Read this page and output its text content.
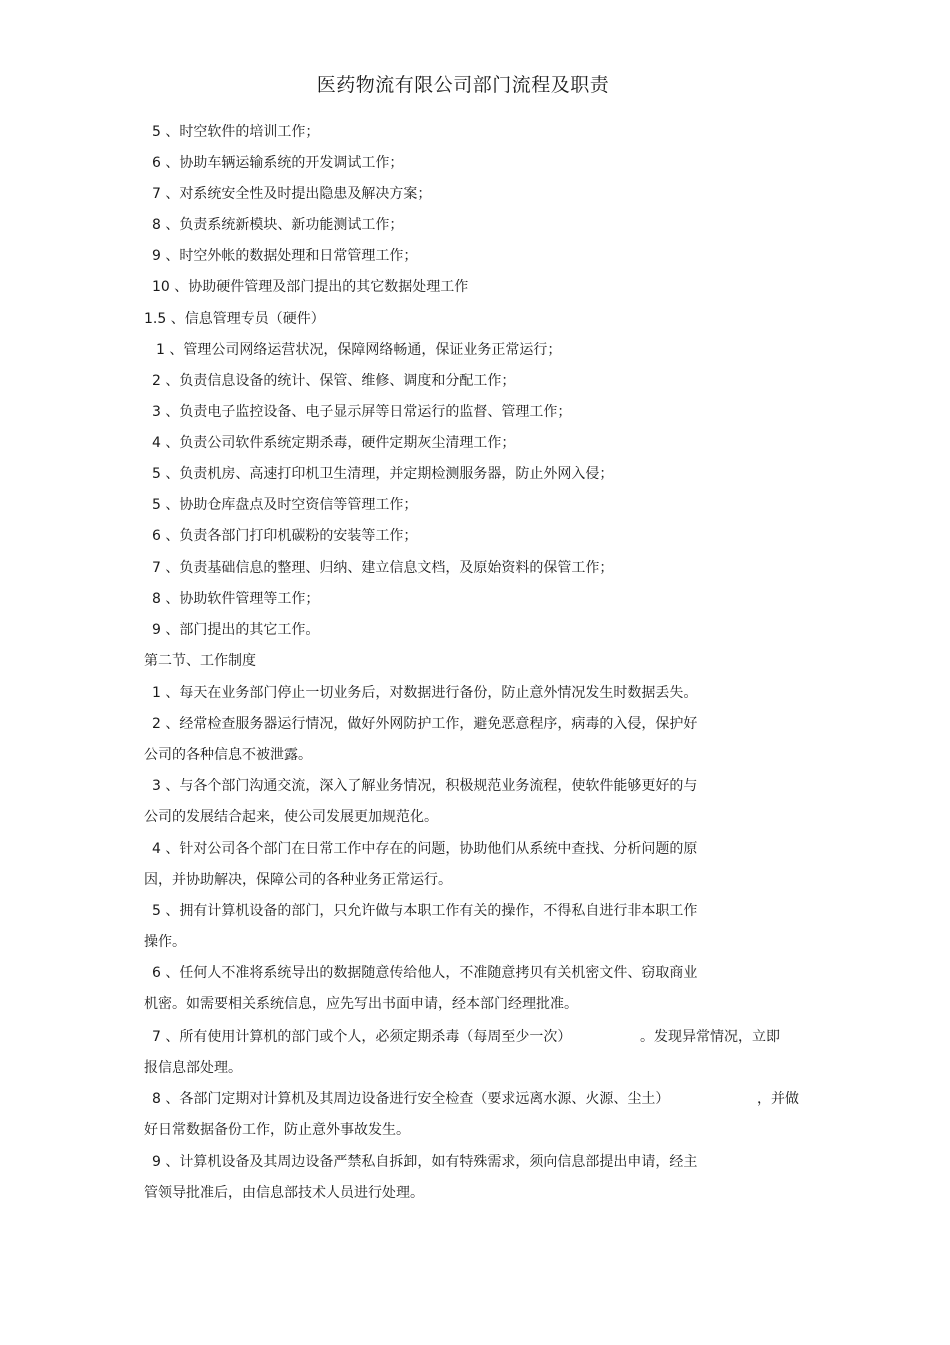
医药物流有限公司部门流程及职责
5 、时空软件的培训工作；
6 、协助车辆运输系统的开发调试工作；
7 、对系统安全性及时提出隐患及解决方案；
8 、负责系统新模块、新功能测试工作；
9 、时空外帐的数据处理和日常管理工作；
10 、协助硬件管理及部门提出的其它数据处理工作
1.5 、信息管理专员（硬件）
1 、管理公司网络运营状况，保障网络畅通，保证业务正常运行；
2 、负责信息设备的统计、保管、维修、调度和分配工作；
3 、负责电子监控设备、电子显示屏等日常运行的监督、管理工作；
4 、负责公司软件系统定期杀毒，硬件定期灰尘清理工作；
5 、负责机房、高速打印机卫生清理，并定期检测服务器，防止外网入侵；
5 、协助仓库盘点及时空资信等管理工作；
6 、负责各部门打印机碳粉的安装等工作；
7 、负责基础信息的整理、归纳、建立信息文档，及原始资料的保管工作；
8 、协助软件管理等工作；
9 、部门提出的其它工作。
第二节、工作制度
1 、每天在业务部门停止一切业务后，对数据进行备份，防止意外情况发生时数据丢失。
2 、经常检查服务器运行情况，做好外网防护工作，避免恶意程序，病毒的入侵，保护好
公司的各种信息不被泄露。
3 、与各个部门沟通交流，深入了解业务情况，积极规范业务流程，使软件能够更好的与
公司的发展结合起来，使公司发展更加规范化。
4 、针对公司各个部门在日常工作中存在的问题，协助他们从系统中查找、分析问题的原
因，并协助解决，保障公司的各种业务正常运行。
5 、拥有计算机设备的部门，只允许做与本职工作有关的操作，不得私自进行非本职工作
操作。
6 、任何人不准将系统导出的数据随意传给他人，不准随意拷贝有关机密文件、窃取商业
机密。如需要相关系统信息，应先写出书面申请，经本部门经理批准。
7 、所有使用计算机的部门或个人，必须定期杀毒（每周至少一次）	。发现异常情况，立即
报信息部处理。
8 、各部门定期对计算机及其周边设备进行安全检查（要求远离水源、火源、尘土）	，并做
好日常数据备份工作，防止意外事故发生。
9 、计算机设备及其周边设备严禁私自拆卸，如有特殊需求，须向信息部提出申请，经主
管领导批准后，由信息部技术人员进行处理。
